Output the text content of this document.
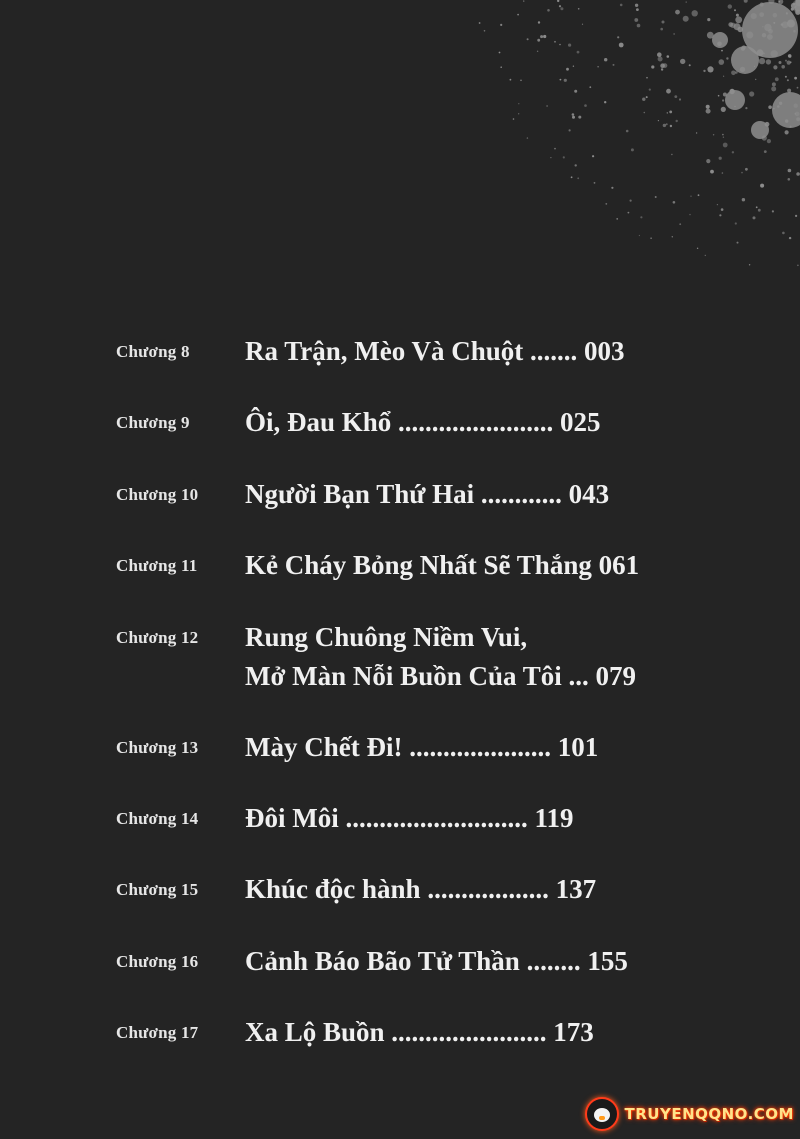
Chương 8 Ra Trận, Mèo Và Chuột ....... 003
Chương 9 Ôi, Đau Khổ ....................... 025
Chương 10 Người Bạn Thứ Hai ............ 043
Chương 11 Kẻ Cháy Bỏng Nhất Sẽ Thắng 061
Chương 12 Rung Chuông Niềm Vui,
Mở Màn Nỗi Buồn Của Tôi ... 079
Chương 13 Mày Chết Đi! ..................... 101
Chương 14 Đôi Môi ........................... 119
Chương 15 Khúc độc hành .................. 137
Chương 16 Cảnh Báo Bão Tử Thần ........ 155
Chương 17 Xa Lộ Buồn ....................... 173
TRUYENQQNO.COM
